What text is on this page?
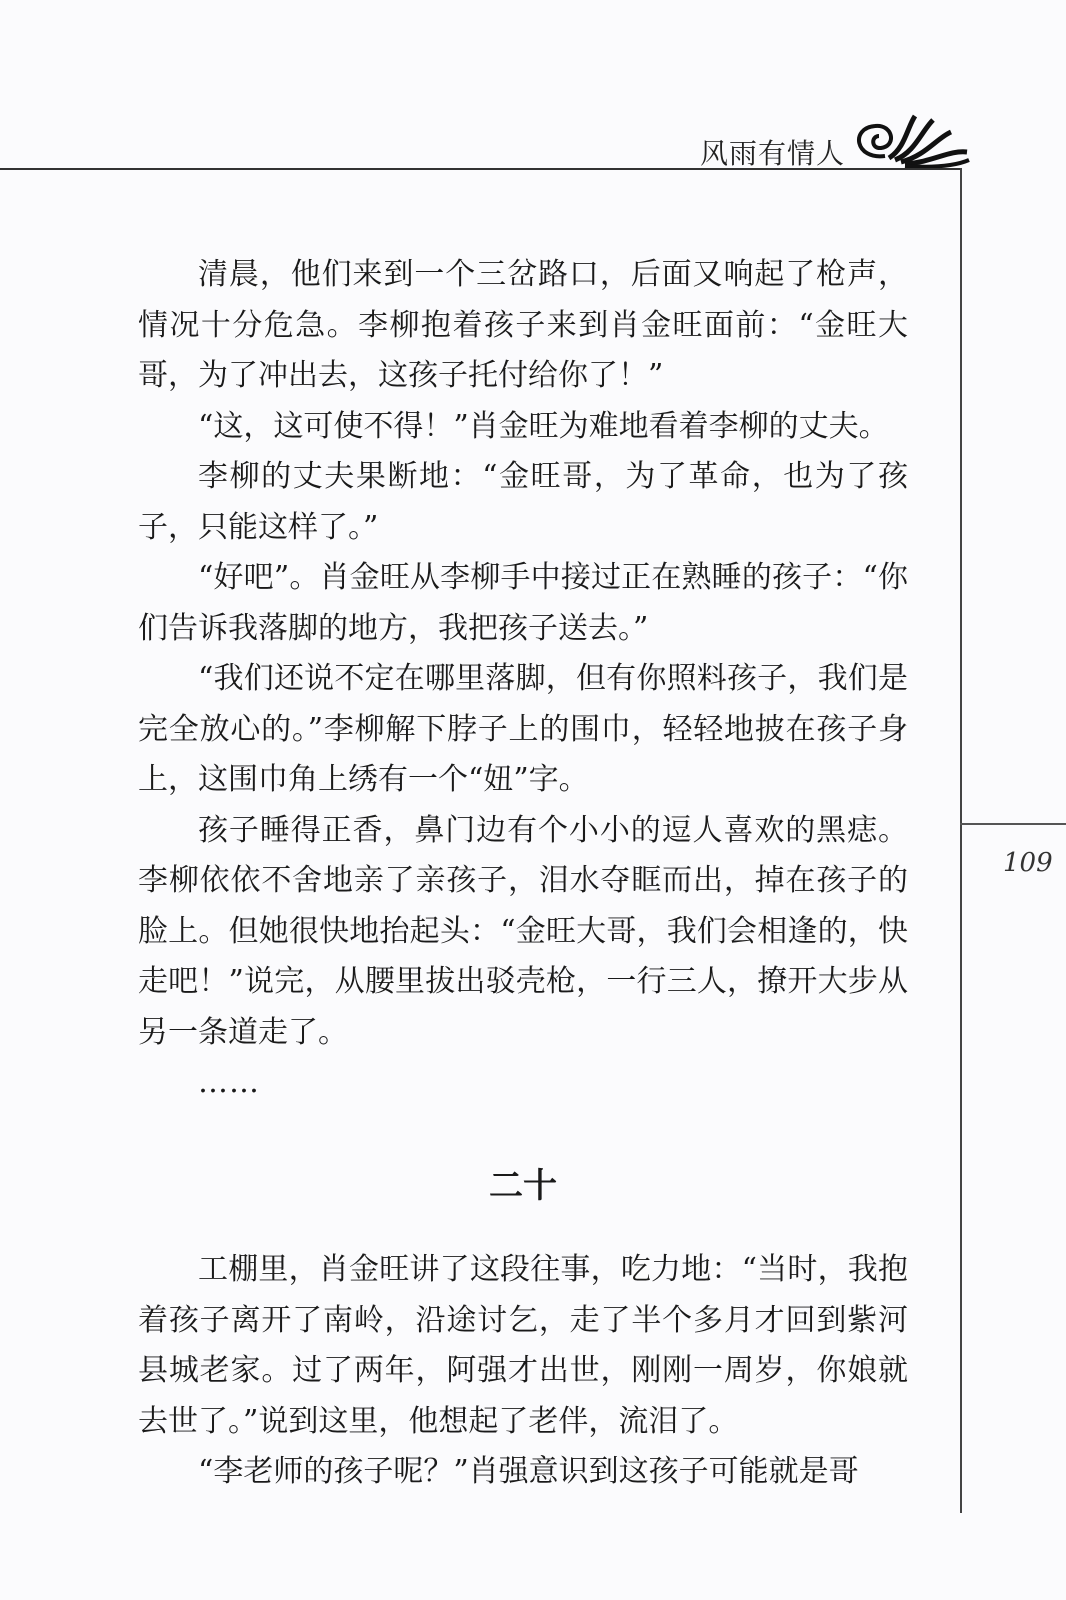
风雨有情人
109

清晨，他们来到一个三岔路口，后面又响起了枪声，情况十分危急。李柳抱着孩子来到肖金旺面前：“金旺大哥，为了冲出去，这孩子托付给你了！”

“这，这可使不得！”肖金旺为难地看着李柳的丈夫。

李柳的丈夫果断地：“金旺哥，为了革命，也为了孩子，只能这样了。”

“好吧”。肖金旺从李柳手中接过正在熟睡的孩子：“你们告诉我落脚的地方，我把孩子送去。”

“我们还说不定在哪里落脚，但有你照料孩子，我们是完全放心的。”李柳解下脖子上的围巾，轻轻地披在孩子身上，这围巾角上绣有一个“妞”字。

孩子睡得正香，鼻门边有个小小的逗人喜欢的黑痣。李柳依依不舍地亲了亲孩子，泪水夺眶而出，掉在孩子的脸上。但她很快地抬起头：“金旺大哥，我们会相逢的，快走吧！”说完，从腰里拔出驳壳枪，一行三人，撩开大步从另一条道走了。

……

二十

工棚里，肖金旺讲了这段往事，吃力地：“当时，我抱着孩子离开了南岭，沿途讨乞，走了半个多月才回到紫河县城老家。过了两年，阿强才出世，刚刚一周岁，你娘就去世了。”说到这里，他想起了老伴，流泪了。

“李老师的孩子呢？”肖强意识到这孩子可能就是哥
